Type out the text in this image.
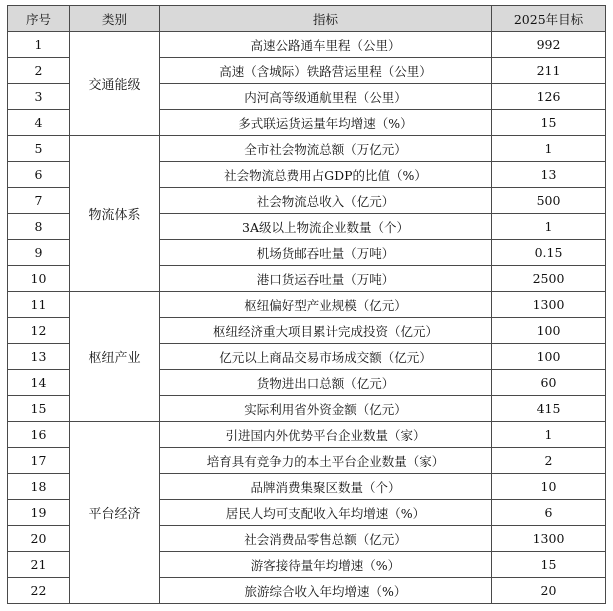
序号	类别	指标	2025年目标
1	交通能级	高速公路通车里程（公里）	992
2		高速（含城际）铁路营运里程（公里）	211
3		内河高等级通航里程（公里）	126
4		多式联运货运量年均增速（%）	15
5	物流体系	全市社会物流总额（万亿元）	1
6		社会物流总费用占GDP的比值（%）	13
7		社会物流总收入（亿元）	500
8		3A级以上物流企业数量（个）	1
9		机场货邮吞吐量（万吨）	0.15
10		港口货运吞吐量（万吨）	2500
11	枢纽产业	枢纽偏好型产业规模（亿元）	1300
12		枢纽经济重大项目累计完成投资（亿元）	100
13		亿元以上商品交易市场成交额（亿元）	100
14		货物进出口总额（亿元）	60
15		实际利用省外资金额（亿元）	415
16	平台经济	引进国内外优势平台企业数量（家）	1
17		培育具有竞争力的本土平台企业数量（家）	2
18		品牌消费集聚区数量（个）	10
19		居民人均可支配收入年均增速（%）	6
20		社会消费品零售总额（亿元）	1300
21		游客接待量年均增速（%）	15
22		旅游综合收入年均增速（%）	20
